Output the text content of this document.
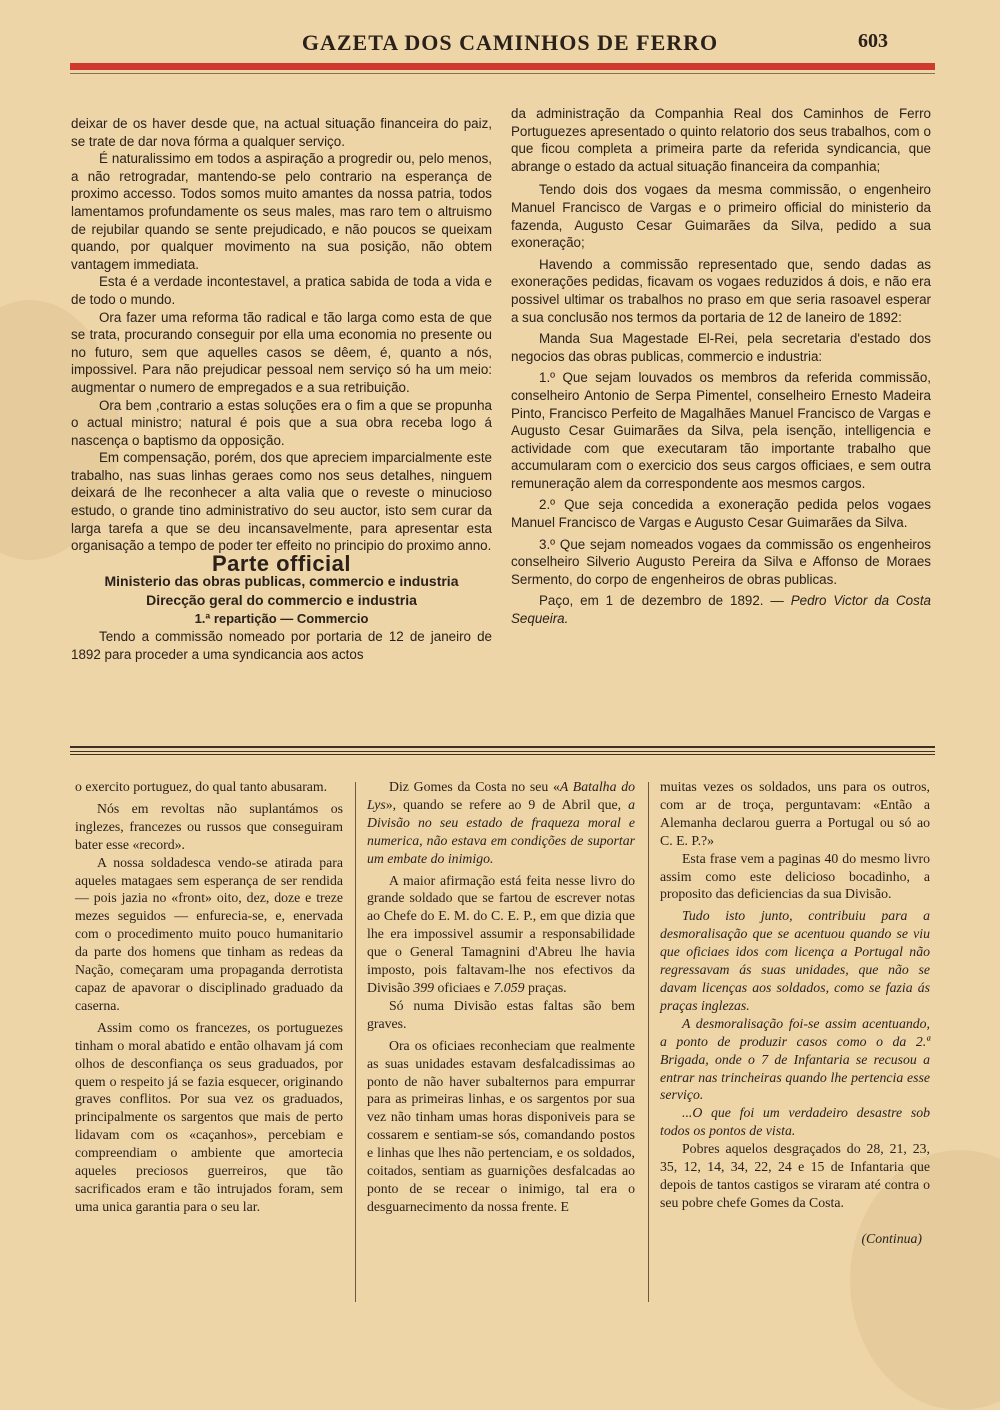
GAZETA DOS CAMINHOS DE FERRO	603

deixar de os haver desde que, na actual situação financeira do paiz, se trate de dar nova fórma a qualquer serviço.

É naturalissimo em todos a aspiração a progredir ou, pelo menos, a não retrogradar, mantendo-se pelo contrario na esperança de proximo accesso. Todos somos muito amantes da nossa patria, todos lamentamos profundamente os seus males, mas raro tem o altruismo de rejubilar quando se sente prejudicado, e não poucos se queixam quando, por qualquer movimento na sua posição, não obtem vantagem immediata.

Esta é a verdade incontestavel, a pratica sabida de toda a vida e de todo o mundo.

Ora fazer uma reforma tão radical e tão larga como esta de que se trata, procurando conseguir por ella uma economia no presente ou no futuro, sem que aquelles casos se dêem, é, quanto a nós, impossivel. Para não prejudicar pessoal nem serviço só ha um meio: augmentar o numero de empregados e a sua retribuição.

Ora bem ,contrario a estas soluções era o fim a que se propunha o actual ministro; natural é pois que a sua obra receba logo á nascença o baptismo da opposição.

Em compensação, porém, dos que apreciem imparcialmente este trabalho, nas suas linhas geraes como nos seus detalhes, ninguem deixará de lhe reconhecer a alta valia que o reveste o minucioso estudo, o grande tino administrativo do seu auctor, isto sem curar da larga tarefa a que se deu incansavelmente, para apresentar esta organisação a tempo de poder ter effeito no principio do proximo anno.

Parte official

Ministerio das obras publicas, commercio e industria

Direcção geral do commercio e industria

1.ª repartição — Commercio

Tendo a commissão nomeado por portaria de 12 de janeiro de 1892 para proceder a uma syndicancia aos actos

da administração da Companhia Real dos Caminhos de Ferro Portuguezes apresentado o quinto relatorio dos seus trabalhos, com o que ficou completa a primeira parte da referida syndicancia, que abrange o estado da actual situação financeira da companhia;

Tendo dois dos vogaes da mesma commissão, o engenheiro Manuel Francisco de Vargas e o primeiro official do ministerio da fazenda, Augusto Cesar Guimarães da Silva, pedido a sua exoneração;

Havendo a commissão representado que, sendo dadas as exonerações pedidas, ficavam os vogaes reduzidos á dois, e não era possivel ultimar os trabalhos no praso em que seria rasoavel esperar a sua conclusão nos termos da portaria de 12 de Ianeiro de 1892:

Manda Sua Magestade El-Rei, pela secretaria d'estado dos negocios das obras publicas, commercio e industria:

1.º Que sejam louvados os membros da referida commissão, conselheiro Antonio de Serpa Pimentel, conselheiro Ernesto Madeira Pinto, Francisco Perfeito de Magalhães Manuel Francisco de Vargas e Augusto Cesar Guimarães da Silva, pela isenção, intelligencia e actividade com que executaram tão importante trabalho que accumularam com o exercicio dos seus cargos officiaes, e sem outra remuneração alem da correspondente aos mesmos cargos.

2.º Que seja concedida a exoneração pedida pelos vogaes Manuel Francisco de Vargas e Augusto Cesar Guimarães da Silva.

3.º Que sejam nomeados vogaes da commissão os engenheiros conselheiro Silverio Augusto Pereira da Silva e Affonso de Moraes Sermento, do corpo de engenheiros de obras publicas.

Paço, em 1 de dezembro de 1892. — Pedro Victor da Costa Sequeira.

o exercito portuguez, do qual tanto abusaram.

Nós em revoltas não suplantámos os inglezes, francezes ou russos que conseguiram bater esse «record».

A nossa soldadesca vendo-se atirada para aqueles matagaes sem esperança de ser rendida — pois jazia no «front» oito, dez, doze e treze mezes seguidos — enfurecia-se, e, enervada com o procedimento muito pouco humanitario da parte dos homens que tinham as redeas da Nação, começaram uma propaganda derrotista capaz de apavorar o disciplinado graduado da caserna.

Assim como os francezes, os portuguezes tinham o moral abatido e então olhavam já com olhos de desconfiança os seus graduados, por quem o respeito já se fazia esquecer, originando graves conflitos. Por sua vez os graduados, principalmente os sargentos que mais de perto lidavam com os «caçanhos», percebiam e compreendiam o ambiente que amortecia aqueles preciosos guerreiros, que tão sacrificados eram e tão intrujados foram, sem uma unica garantia para o seu lar.

Diz Gomes da Costa no seu «A Batalha do Lys», quando se refere ao 9 de Abril que, a Divisão no seu estado de fraqueza moral e numerica, não estava em condições de suportar um embate do inimigo.

A maior afirmação está feita nesse livro do grande soldado que se fartou de escrever notas ao Chefe do E. M. do C. E. P., em que dizia que lhe era impossivel assumir a responsabilidade que o General Tamagnini d'Abreu lhe havia imposto, pois faltavam-lhe nos efectivos da Divisão 399 oficiaes e 7.059 praças.

Só numa Divisão estas faltas são bem graves.

Ora os oficiaes reconheciam que realmente as suas unidades estavam desfalcadissimas ao ponto de não haver subalternos para empurrar para as primeiras linhas, e os sargentos por sua vez não tinham umas horas disponiveis para se cossarem e sentiam-se sós, comandando postos e linhas que lhes não pertenciam, e os soldados, coitados, sentiam as guarnições desfalcadas ao ponto de se recear o inimigo, tal era o desguarnecimento da nossa frente. E

muitas vezes os soldados, uns para os outros, com ar de troça, perguntavam: «Então a Alemanha declarou guerra a Portugal ou só ao C. E. P.?»

Esta frase vem a paginas 40 do mesmo livro assim como este delicioso bocadinho, a proposito das deficiencias da sua Divisão.

Tudo isto junto, contribuiu para a desmoralisação que se acentuou quando se viu que oficiaes idos com licença a Portugal não regressavam ás suas unidades, que não se davam licenças aos soldados, como se fazia ás praças inglezas.

A desmoralisação foi-se assim acentuando, a ponto de produzir casos como o da 2.ª Brigada, onde o 7 de Infantaria se recusou a entrar nas trincheiras quando lhe pertencia esse serviço.

...O que foi um verdadeiro desastre sob todos os pontos de vista.

Pobres aquelos desgraçados do 28, 21, 23, 35, 12, 14, 34, 22, 24 e 15 de Infantaria que depois de tantos castigos se viraram até contra o seu pobre chefe Gomes da Costa.

(Continua)
